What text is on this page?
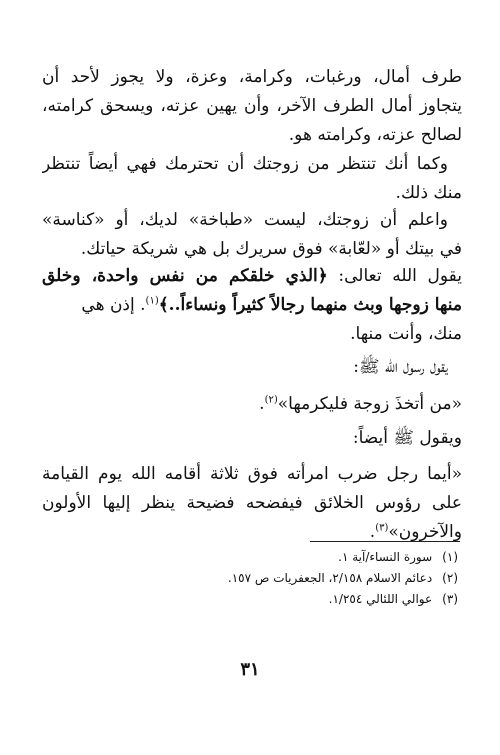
طرف أمال، ورغبات، وكرامة، وعزة، ولا يجوز لأحد أن
يتجاوز أمال الطرف الآخر، وأن يهين عزته، ويسحق كرامته،
لصالح عزته، وكرامته هو.
وكما أنك تنتظر من زوجتك أن تحترمك فهي أيضاً تنتظر
منك ذلك.
واعلم أن زوجتك، ليست «طباخة» لديك، أو «كناسة»
في بيتك أو «لعّابة» فوق سريرك بل هي شريكة حياتك.
يقول الله تعالى: ﴿الذي خلقكم من نفس واحدة، وخلق
منها زوجها وبث منهما رجالاً كثيراً ونساءاً..﴾$^{(١)}$. إذن هي
منك، وأنت منها.
يقول رسول الله ﷺ:
«من أتخذَ زوجة فليكرمها»$^{(٢)}$.
ويقول ﷺ أيضاً:
«أيما رجل ضرب امرأته فوق ثلاثة أقامه الله يوم القيامة
على رؤوس الخلائق فيفضحه فضيحة ينظر إليها الأولون
والآخرون»$^{(٣)}$.
(١)سورة النساء/آية ١.
(٢)دعائم الاسلام ٢/١٥٨، الجعفريات ص ١٥٧.
(٣)عوالي اللئالي ١/٢٥٤.
٣١
